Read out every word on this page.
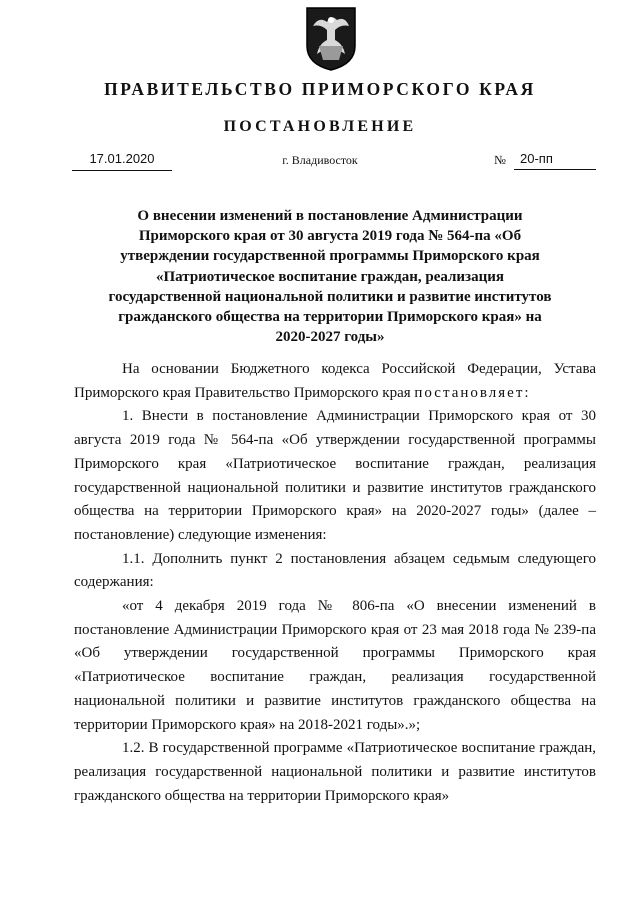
ПРАВИТЕЛЬСТВО ПРИМОРСКОГО КРАЯ
ПОСТАНОВЛЕНИЕ
17.01.2020	г. Владивосток	№	20-пп
О внесении изменений в постановление Администрации Приморского края от 30 августа 2019 года № 564-па «Об утверждении государственной программы Приморского края «Патриотическое воспитание граждан, реализация государственной национальной политики и развитие институтов гражданского общества на территории Приморского края» на 2020-2027 годы»

На основании Бюджетного кодекса Российской Федерации, Устава Приморского края Правительство Приморского края постановляет:

1. Внести в постановление Администрации Приморского края от 30 августа 2019 года № 564-па «Об утверждении государственной программы Приморского края «Патриотическое воспитание граждан, реализация государственной национальной политики и развитие институтов гражданского общества на территории Приморского края» на 2020-2027 годы» (далее – постановление) следующие изменения:

1.1. Дополнить пункт 2 постановления абзацем седьмым следующего содержания:

«от 4 декабря 2019 года № 806-па «О внесении изменений в постановление Администрации Приморского края от 23 мая 2018 года № 239-па «Об утверждении государственной программы Приморского края «Патриотическое воспитание граждан, реализация государственной национальной политики и развитие институтов гражданского общества на территории Приморского края» на 2018-2021 годы».»;

1.2. В государственной программе «Патриотическое воспитание граждан, реализация государственной национальной политики и развитие институтов гражданского общества на территории Приморского края»
